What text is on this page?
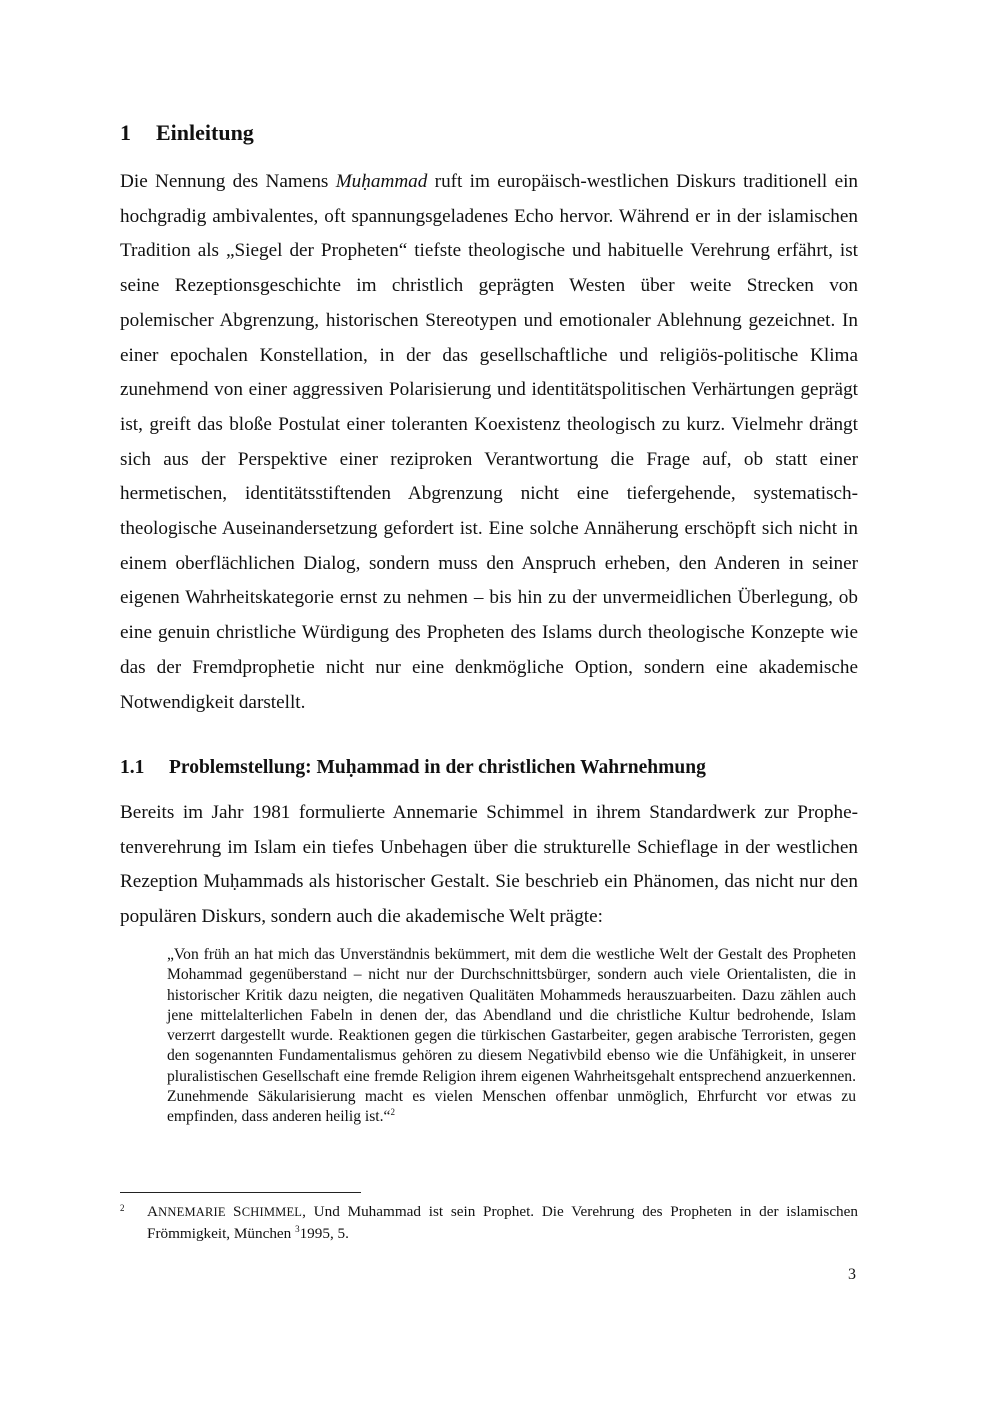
1 Einleitung

Die Nennung des Namens Muḥammad ruft im europäisch-westlichen Diskurs traditionell ein hochgradig ambivalentes, oft spannungsgeladenes Echo hervor. Während er in der islamischen Tradition als „Siegel der Propheten“ tiefste theologische und habituelle Verehrung erfährt, ist seine Rezeptionsgeschichte im christlich geprägten Westen über weite Strecken von polemischer Abgrenzung, historischen Stereotypen und emotionaler Ablehnung gezeichnet. In einer epochalen Konstellation, in der das gesellschaftliche und religiös-politische Klima zunehmend von einer aggressiven Polarisierung und identitätspolitischen Verhärtungen geprägt ist, greift das bloße Postulat einer toleranten Koexistenz theologisch zu kurz. Vielmehr drängt sich aus der Perspektive einer reziproken Verantwortung die Frage auf, ob statt einer hermetischen, identitätsstiftenden Abgrenzung nicht eine tiefergehende, systematisch-theologische Auseinandersetzung gefordert ist. Eine solche Annäherung erschöpft sich nicht in einem oberflächlichen Dialog, sondern muss den Anspruch erheben, den Anderen in seiner eigenen Wahrheitskategorie ernst zu nehmen – bis hin zu der unvermeidlichen Überlegung, ob eine genuin christliche Würdigung des Propheten des Islams durch theologische Konzepte wie das der Fremdprophetie nicht nur eine denkmögliche Option, sondern eine akademische Notwendigkeit darstellt.

1.1 Problemstellung: Muḥammad in der christlichen Wahrnehmung

Bereits im Jahr 1981 formulierte Annemarie Schimmel in ihrem Standardwerk zur Prophetenverehrung im Islam ein tiefes Unbehagen über die strukturelle Schieflage in der westlichen Rezeption Muḥammads als historischer Gestalt. Sie beschrieb ein Phänomen, das nicht nur den populären Diskurs, sondern auch die akademische Welt prägte:

„Von früh an hat mich das Unverständnis bekümmert, mit dem die westliche Welt der Gestalt des Propheten Mohammad gegenüberstand – nicht nur der Durchschnittsbürger, sondern auch viele Orientalisten, die in historischer Kritik dazu neigten, die negativen Qualitäten Mohammeds herauszuarbeiten. Dazu zählen auch jene mittelalterlichen Fabeln in denen der, das Abendland und die christliche Kultur bedrohende, Islam verzerrt dargestellt wurde. Reaktionen gegen die türkischen Gastarbeiter, gegen arabische Terroristen, gegen den sogenannten Fundamentalismus gehören zu diesem Negativbild ebenso wie die Unfähigkeit, in unserer pluralistischen Gesellschaft eine fremde Religion ihrem eigenen Wahrheitsgehalt entsprechend anzuerkennen. Zunehmende Säkularisierung macht es vielen Menschen offenbar unmöglich, Ehrfurcht vor etwas zu empfinden, dass anderen heilig ist.“$^2$

2 ANNEMARIE SCHIMMEL, Und Muhammad ist sein Prophet. Die Verehrung des Propheten in der islamischen Frömmigkeit, München $^3$1995, 5.

3
